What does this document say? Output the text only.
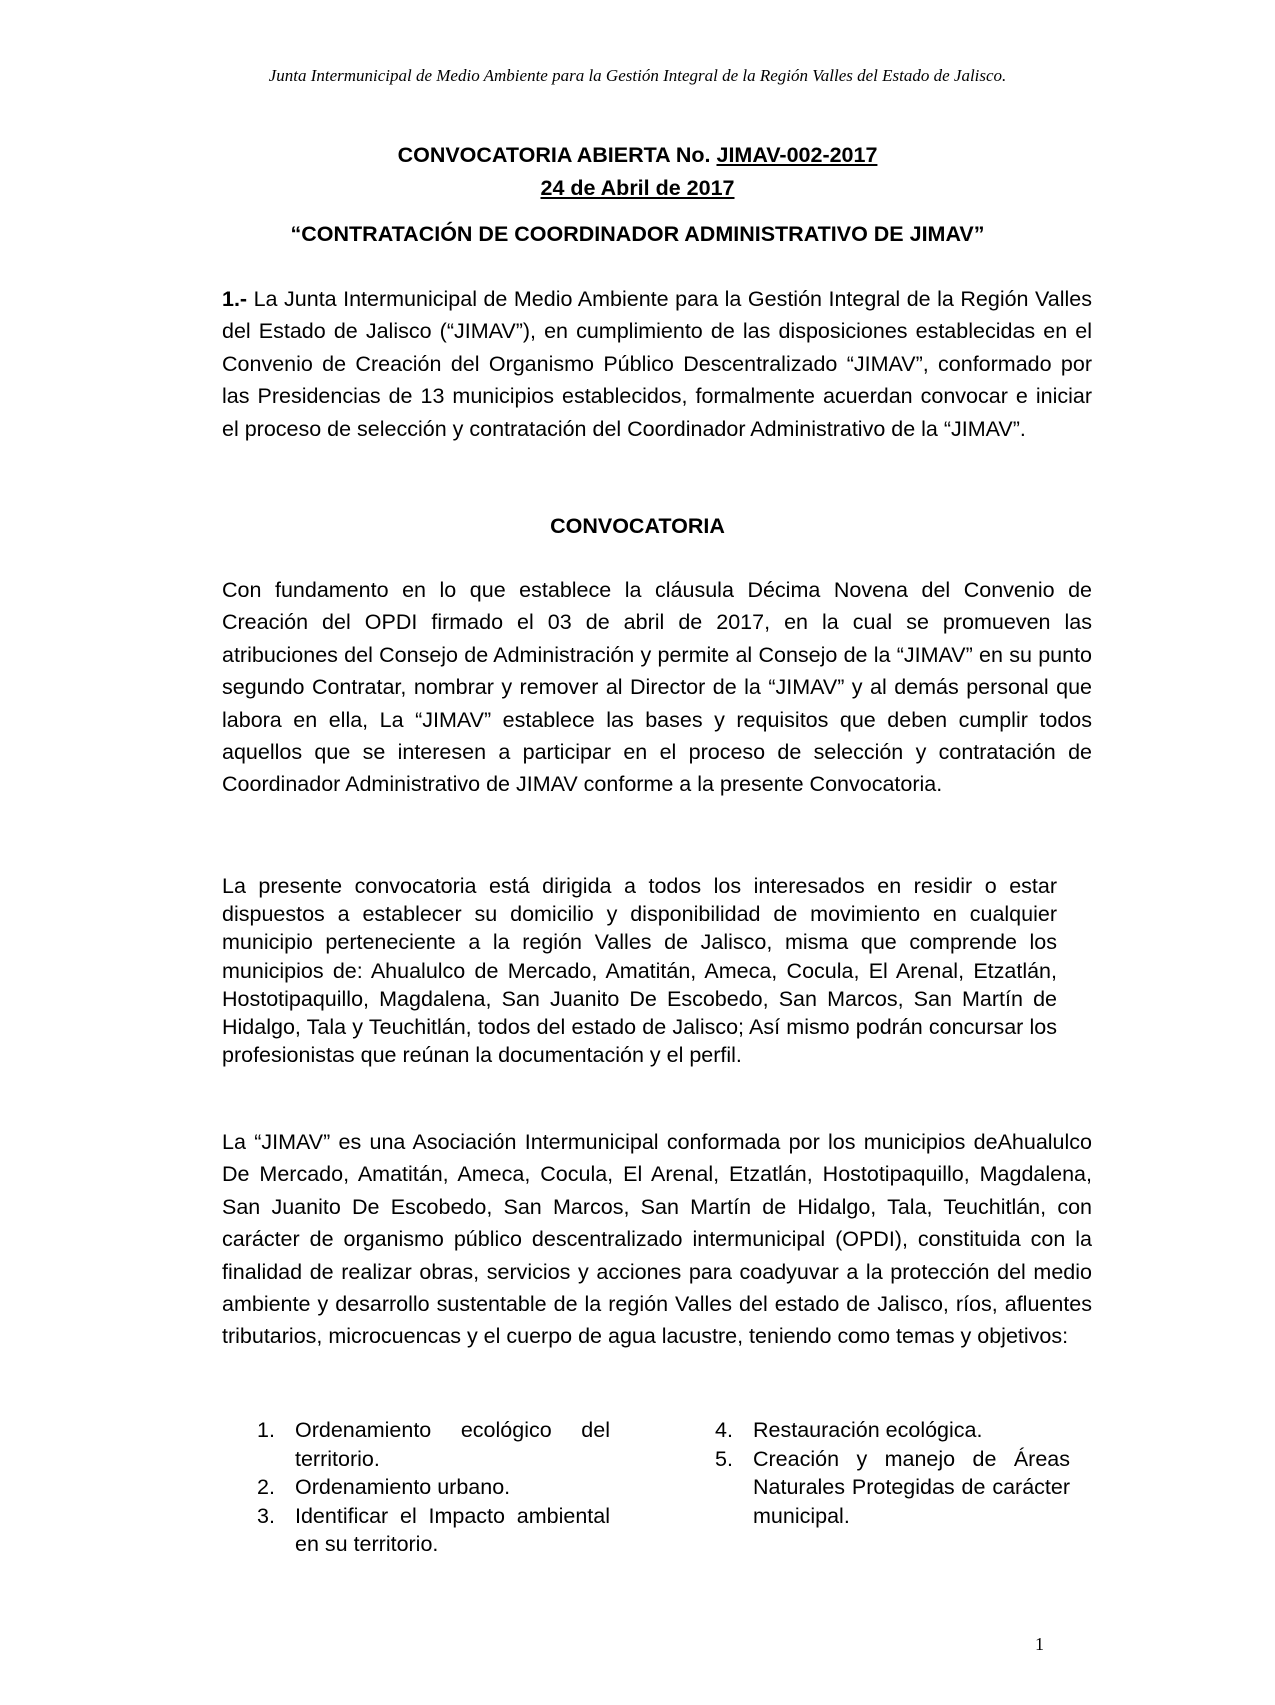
Junta Intermunicipal de Medio Ambiente para la Gestión Integral de la Región Valles del Estado de Jalisco.
CONVOCATORIA ABIERTA No. JIMAV-002-2017
24 de Abril de 2017
“CONTRATACIÓN DE COORDINADOR ADMINISTRATIVO DE JIMAV”

1.- La Junta Intermunicipal de Medio Ambiente para la Gestión Integral de la Región Valles del Estado de Jalisco (“JIMAV”), en cumplimiento de las disposiciones establecidas en el Convenio de Creación del Organismo Público Descentralizado “JIMAV”, conformado por las Presidencias de 13 municipios establecidos, formalmente acuerdan convocar e iniciar el proceso de selección y contratación del Coordinador Administrativo de la “JIMAV”.

CONVOCATORIA

Con fundamento en lo que establece la cláusula Décima Novena del Convenio de Creación del OPDI firmado el 03 de abril de 2017, en la cual se promueven las atribuciones del Consejo de Administración y permite al Consejo de la “JIMAV” en su punto segundo Contratar, nombrar y remover al Director de la “JIMAV” y al demás personal que labora en ella, La “JIMAV” establece las bases y requisitos que deben cumplir todos aquellos que se interesen a participar en el proceso de selección y contratación de Coordinador Administrativo de JIMAV conforme a la presente Convocatoria.

La presente convocatoria está dirigida a todos los interesados en residir o estar dispuestos a establecer su domicilio y disponibilidad de movimiento en cualquier municipio perteneciente a la región Valles de Jalisco, misma que comprende los municipios de: Ahualulco de Mercado, Amatitán, Ameca, Cocula, El Arenal, Etzatlán, Hostotipaquillo, Magdalena, San Juanito De Escobedo, San Marcos, San Martín de Hidalgo, Tala y Teuchitlán, todos del estado de Jalisco; Así mismo podrán concursar los profesionistas que reúnan la documentación y el perfil.

La “JIMAV” es una Asociación Intermunicipal conformada por los municipios deAhualulco De Mercado, Amatitán, Ameca, Cocula, El Arenal, Etzatlán, Hostotipaquillo, Magdalena, San Juanito De Escobedo, San Marcos, San Martín de Hidalgo, Tala, Teuchitlán, con carácter de organismo público descentralizado intermunicipal (OPDI), constituida con la finalidad de realizar obras, servicios y acciones para coadyuvar a la protección del medio ambiente y desarrollo sustentable de la región Valles del estado de Jalisco, ríos, afluentes tributarios, microcuencas y el cuerpo de agua lacustre, teniendo como temas y objetivos:

1. Ordenamiento ecológico del territorio.
2. Ordenamiento urbano.
3. Identificar el Impacto ambiental en su territorio.
4. Restauración ecológica.
5. Creación y manejo de Áreas Naturales Protegidas de carácter municipal.
1
